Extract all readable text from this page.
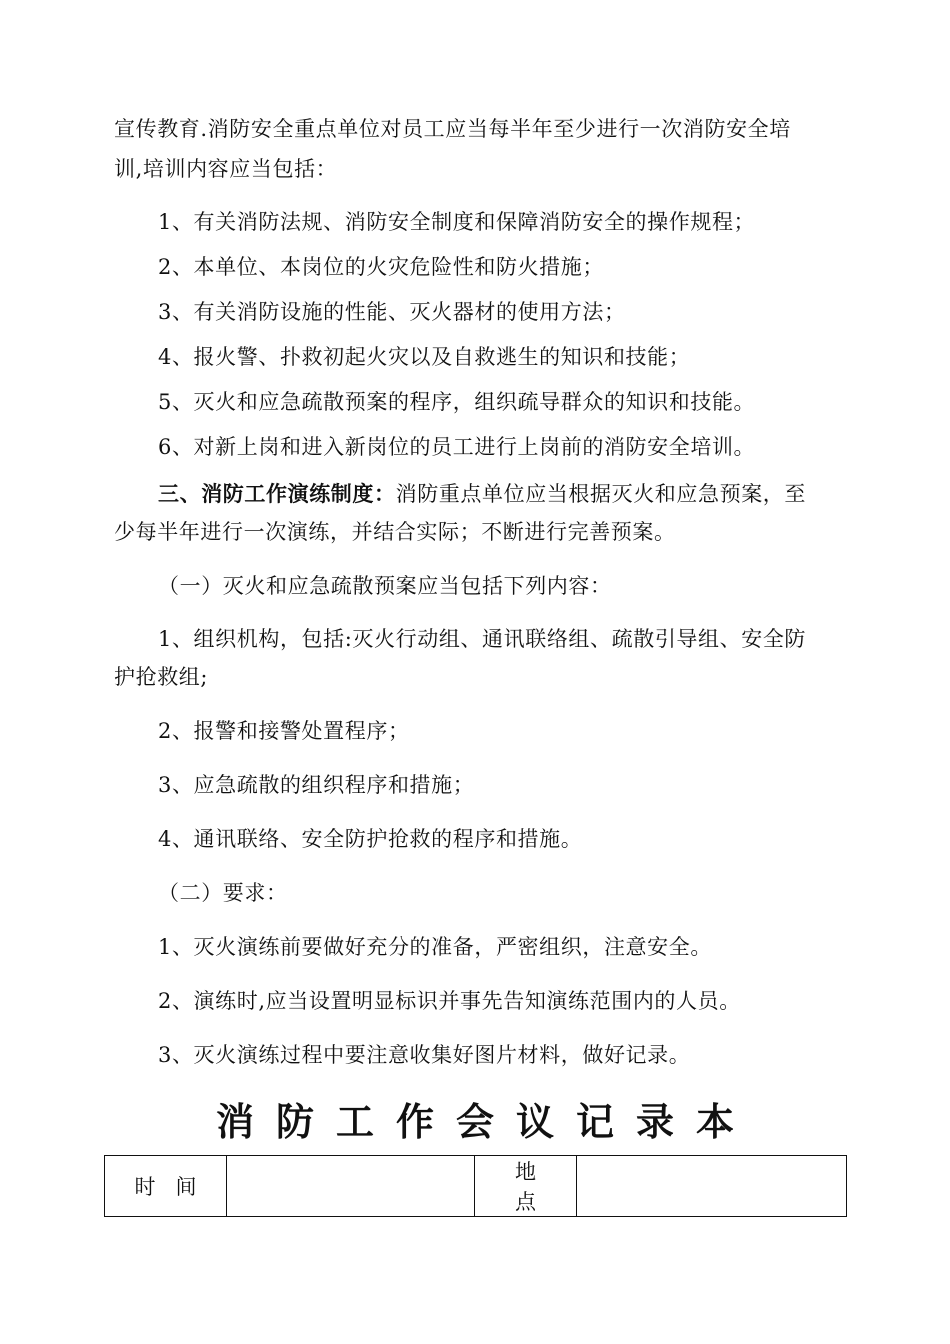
宣传教育.消防安全重点单位对员工应当每半年至少进行一次消防安全培
训,培训内容应当包括：
1、有关消防法规、消防安全制度和保障消防安全的操作规程；
2、本单位、本岗位的火灾危险性和防火措施；
3、有关消防设施的性能、灭火器材的使用方法；
4、报火警、扑救初起火灾以及自救逃生的知识和技能；
5、灭火和应急疏散预案的程序，组织疏导群众的知识和技能。
6、对新上岗和进入新岗位的员工进行上岗前的消防安全培训。
三、消防工作演练制度：消防重点单位应当根据灭火和应急预案，至
少每半年进行一次演练，并结合实际；不断进行完善预案。
（一）灭火和应急疏散预案应当包括下列内容：
1、组织机构，包括:灭火行动组、通讯联络组、疏散引导组、安全防
护抢救组;
2、报警和接警处置程序；
3、应急疏散的组织程序和措施；
4、通讯联络、安全防护抢救的程序和措施。
（二）要求：
1、灭火演练前要做好充分的准备，严密组织，注意安全。
2、演练时,应当设置明显标识并事先告知演练范围内的人员。
3、灭火演练过程中要注意收集好图片材料，做好记录。
消防工作会议记录本
时间		地点	
